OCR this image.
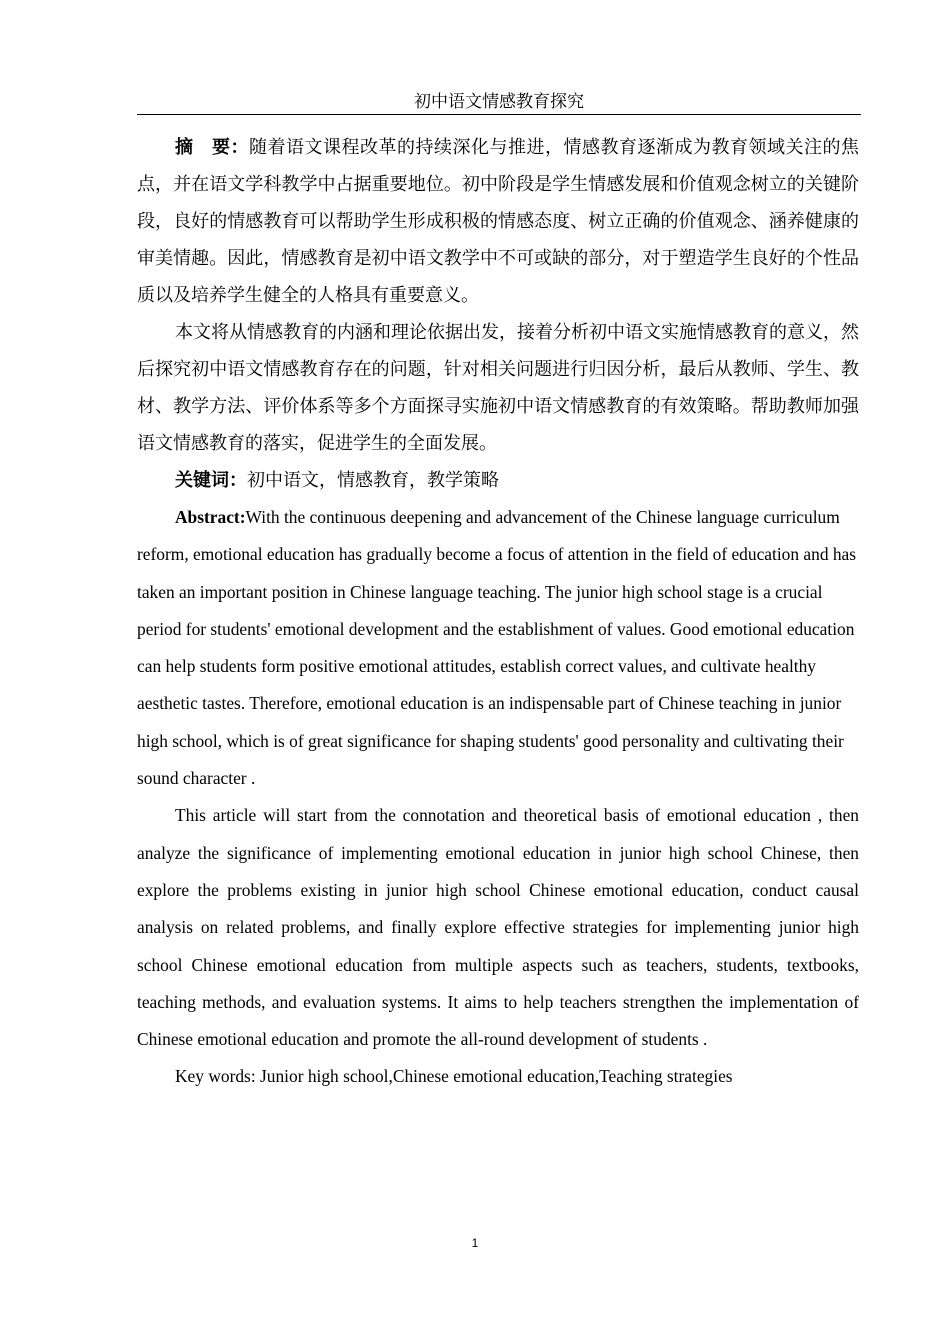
初中语文情感教育探究

摘　要：随着语文课程改革的持续深化与推进，情感教育逐渐成为教育领域关注的焦点，并在语文学科教学中占据重要地位。初中阶段是学生情感发展和价值观念树立的关键阶段，良好的情感教育可以帮助学生形成积极的情感态度、树立正确的价值观念、涵养健康的审美情趣。因此，情感教育是初中语文教学中不可或缺的部分，对于塑造学生良好的个性品质以及培养学生健全的人格具有重要意义。

本文将从情感教育的内涵和理论依据出发，接着分析初中语文实施情感教育的意义，然后探究初中语文情感教育存在的问题，针对相关问题进行归因分析，最后从教师、学生、教材、教学方法、评价体系等多个方面探寻实施初中语文情感教育的有效策略。帮助教师加强语文情感教育的落实，促进学生的全面发展。

关键词：初中语文，情感教育，教学策略

Abstract:With the continuous deepening and advancement of the Chinese language curriculum reform, emotional education has gradually become a focus of attention in the field of education and has taken an important position in Chinese language teaching. The junior high school stage is a crucial period for students' emotional development and the establishment of values. Good emotional education can help students form positive emotional attitudes, establish correct values, and cultivate healthy aesthetic tastes. Therefore, emotional education is an indispensable part of Chinese teaching in junior high school, which is of great significance for shaping students' good personality and cultivating their sound character .

This article will start from the connotation and theoretical basis of emotional education , then analyze the significance of implementing emotional education in junior high school Chinese, then explore the problems existing in junior high school Chinese emotional education, conduct causal analysis on related problems, and finally explore effective strategies for implementing junior high school Chinese emotional education from multiple aspects such as teachers, students, textbooks, teaching methods, and evaluation systems. It aims to help teachers strengthen the implementation of Chinese emotional education and promote the all-round development of students .

Key words: Junior high school,Chinese emotional education,Teaching strategies

1
